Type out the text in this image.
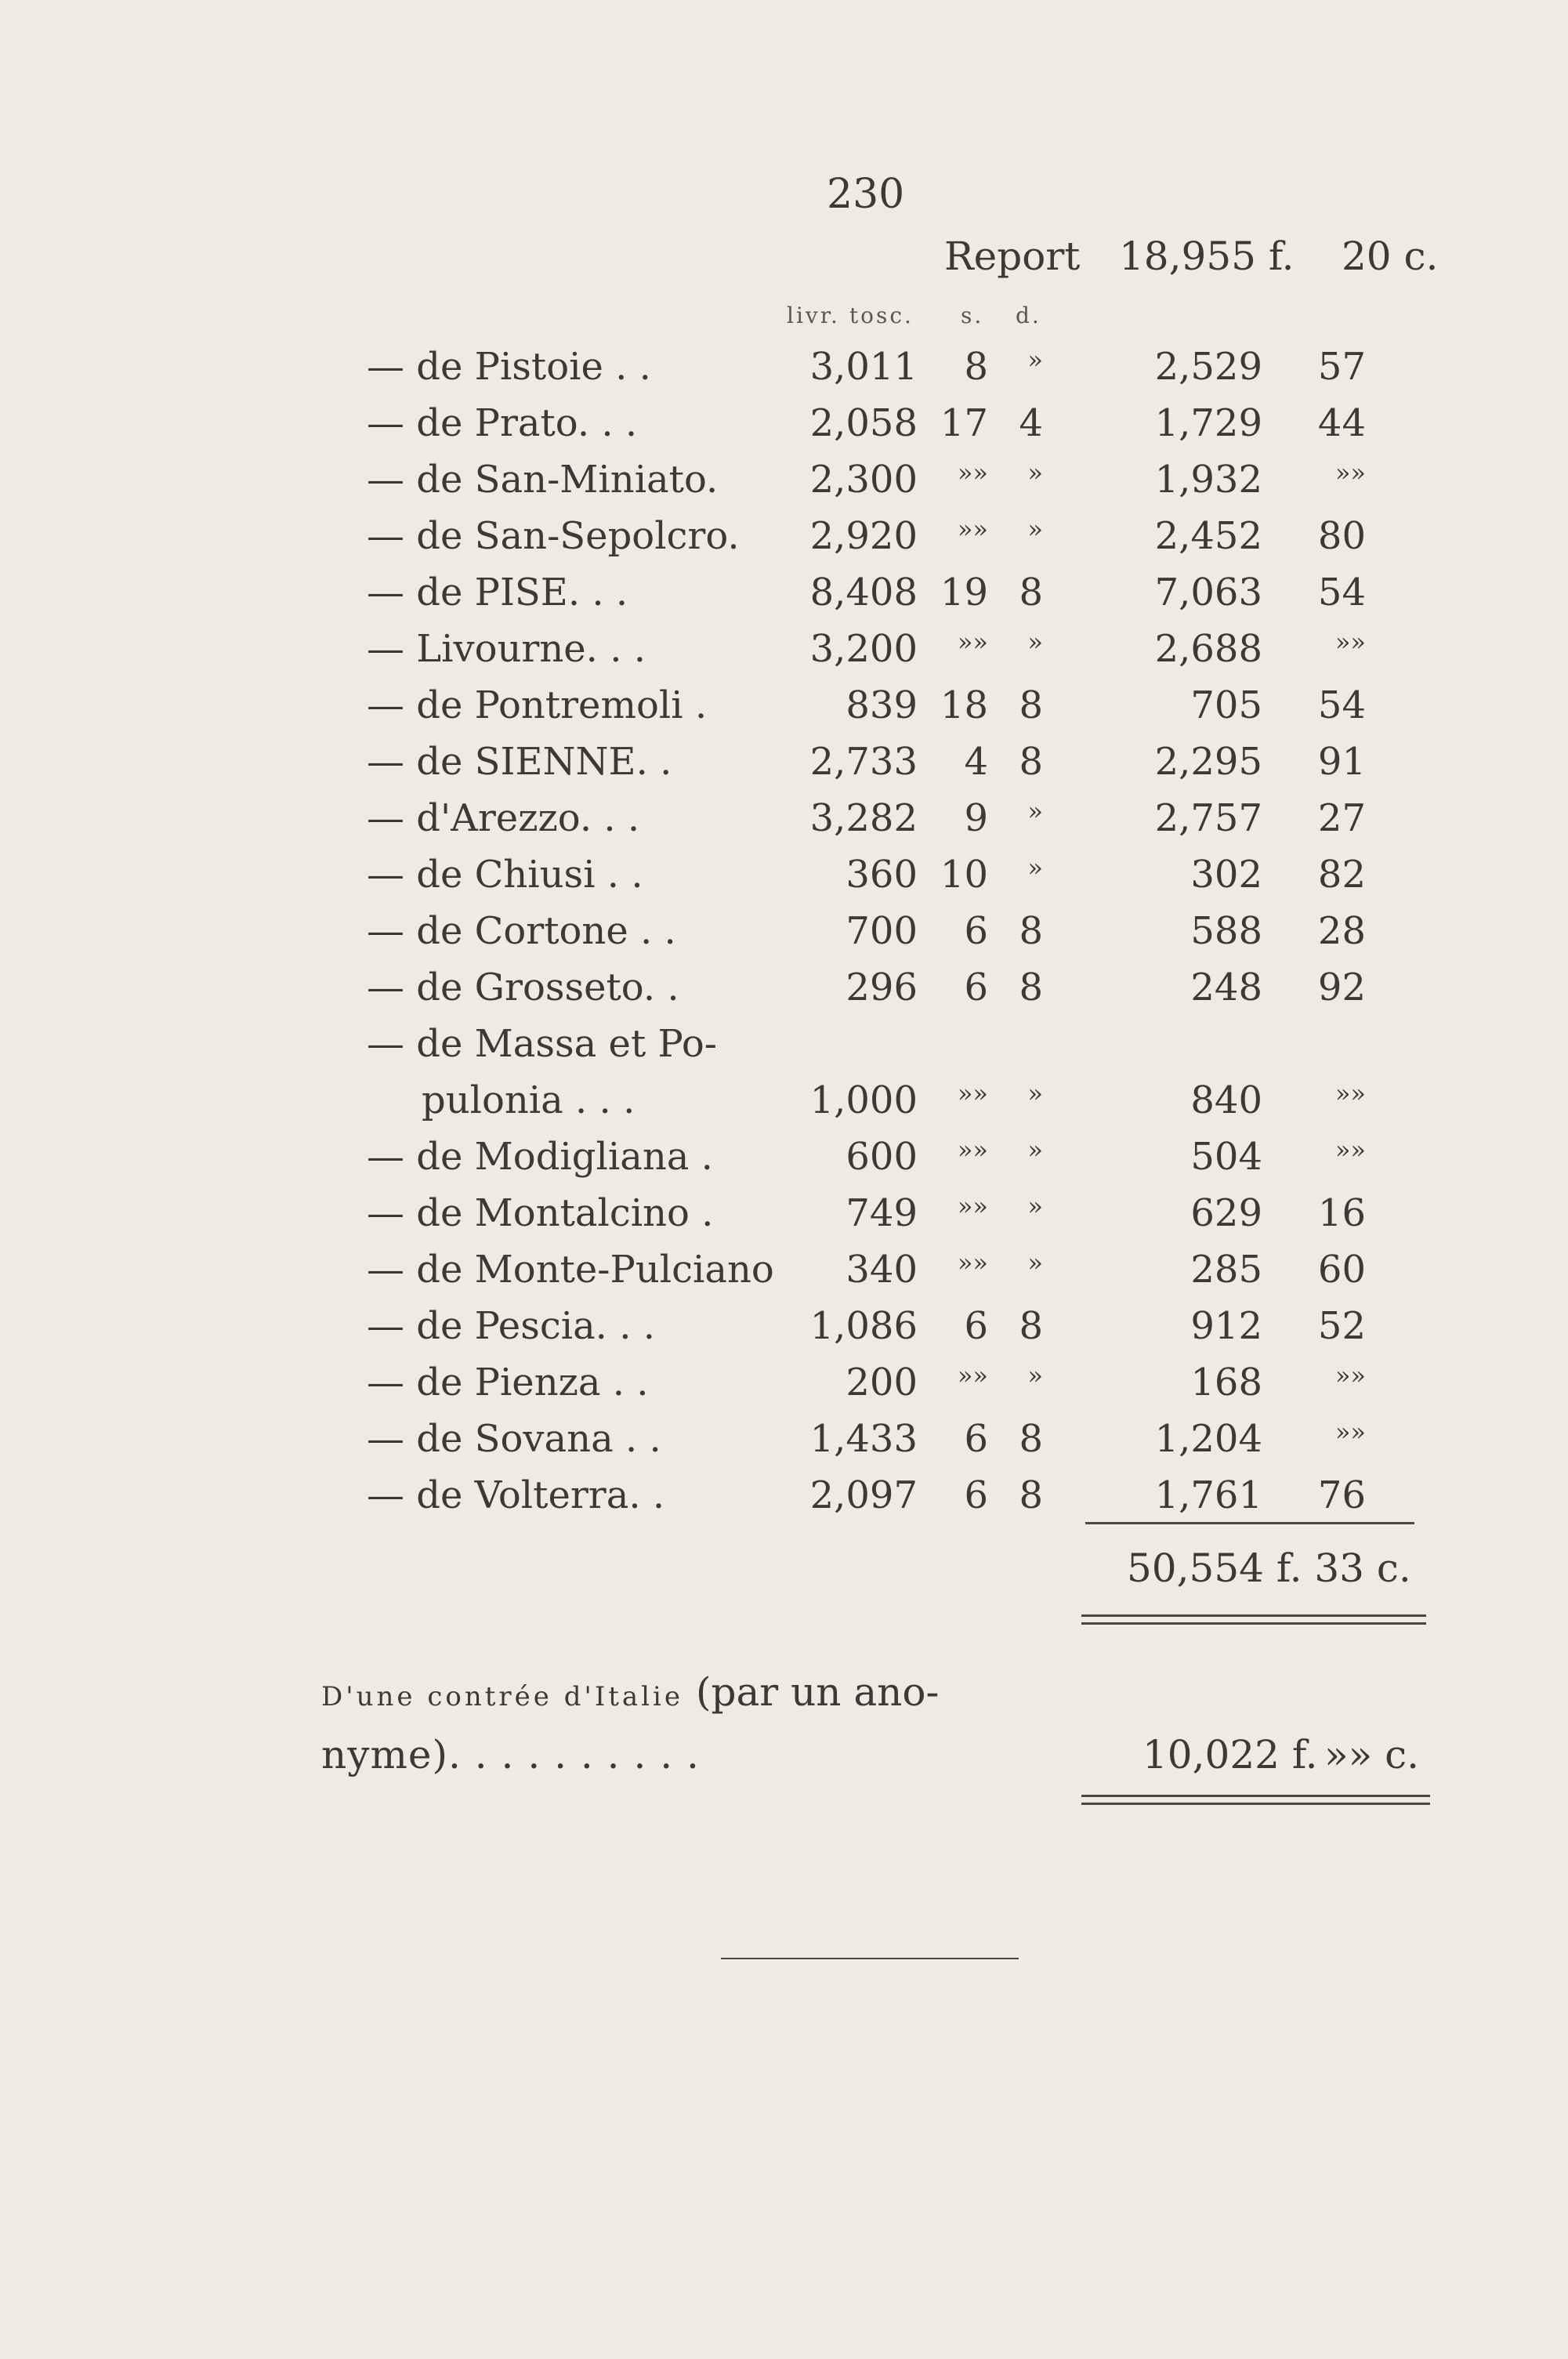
230
Report 18,955 f. 20 c.
livr. tosc. s. d.
— de Pistoie . .	3,011 8 »	2,529 57
— de Prato. . .	2,058 17 4	1,729 44
— de San-Miniato. 2,300 »» »	1,932	»»
— de San-Sepolcro. 2,920 »» »	2,452 80
— de PISE. . .	8,408 19 8	7,063 54
— Livourne. . .	3,200 »» »	2,688	»»
— de Pontremoli .	839 18 8	705 54
— de SIENNE. .	2,733 4 8	2,295 91
— d'Arezzo. . .	3,282 9 »	2,757 27
— de Chiusi . .	360 10 »	302 82
— de Cortone . .	700 6 8	588 28
— de Grosseto. .	296 6 8	248 92
— de Massa et Po-
pulonia . . .	1,000 »» »	840	»»
— de Modigliana .	600 »» »	504	»»
— de Montalcino .	749 »» »	629 16
— de Monte-Pulciano 340 »» »	285 60
— de Pescia. . .	1,086 6 8	912 52
— de Pienza . .	200 »» »	168	»»
— de Sovana . .	1,433 6 8	1,204	»»
— de Volterra. .	2,097 6 8	1,761 76
50,554 f. 33 c.
D'une contrée d'Italie (par un ano-
nyme). . . . . . . . . .	10,022 f. »» c.
